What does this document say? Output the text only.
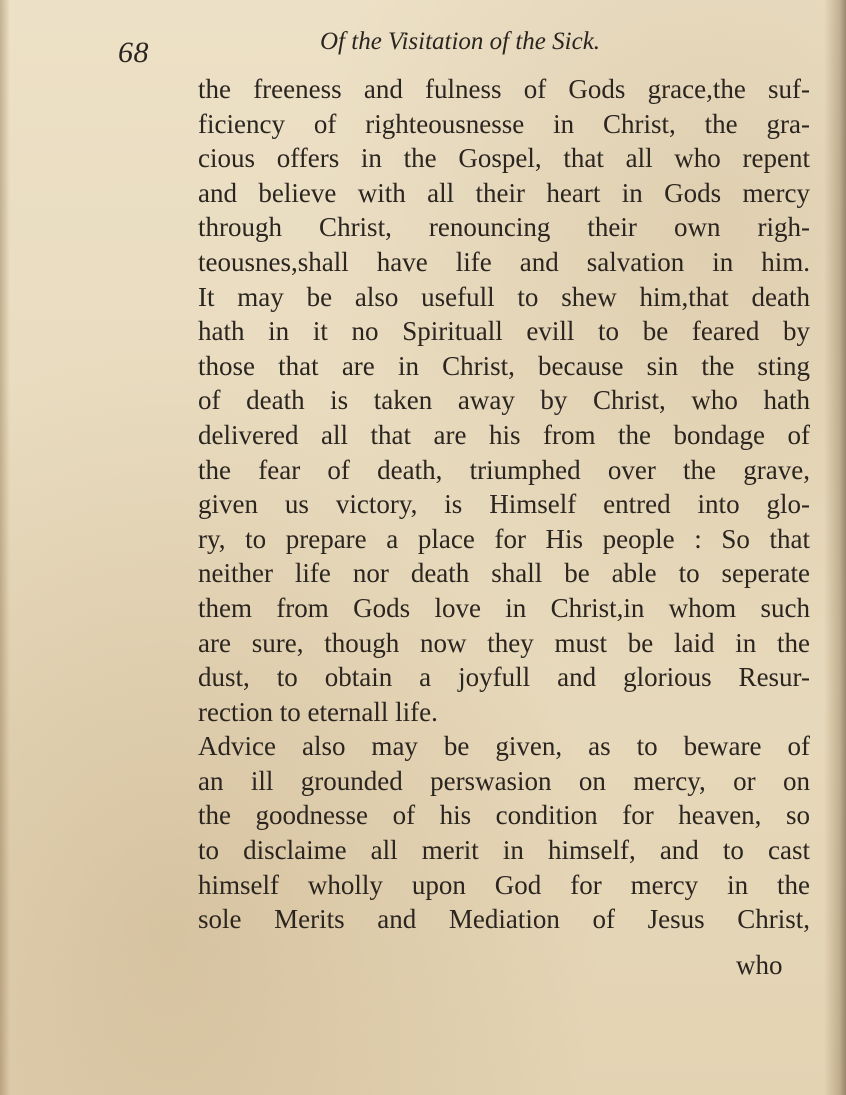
68	Of the Visitation of the Sick.
the freeness and fulness of Gods grace,the suf-
ficiency of righteousnesse in Christ, the gra-
cious offers in the Gospel, that all who repent
and believe with all their heart in Gods mercy
through Christ, renouncing their own righ-
teousnes,shall have life and salvation in him.
It may be also usefull to shew him,that death
hath in it no Spirituall evill to be feared by
those that are in Christ, because sin the sting
of death is taken away by Christ, who hath
delivered all that are his from the bondage of
the fear of death, triumphed over the grave,
given us victory, is Himself entred into glo-
ry, to prepare a place for His people : So that
neither life nor death shall be able to seperate
them from Gods love in Christ,in whom such
are sure, though now they must be laid in the
dust, to obtain a joyfull and glorious Resur-
rection to eternall life.
Advice also may be given, as to beware of
an ill grounded perswasion on mercy, or on
the goodnesse of his condition for heaven, so
to disclaime all merit in himself, and to cast
himself wholly upon God for mercy in the
sole Merits and Mediation of Jesus Christ,
who
